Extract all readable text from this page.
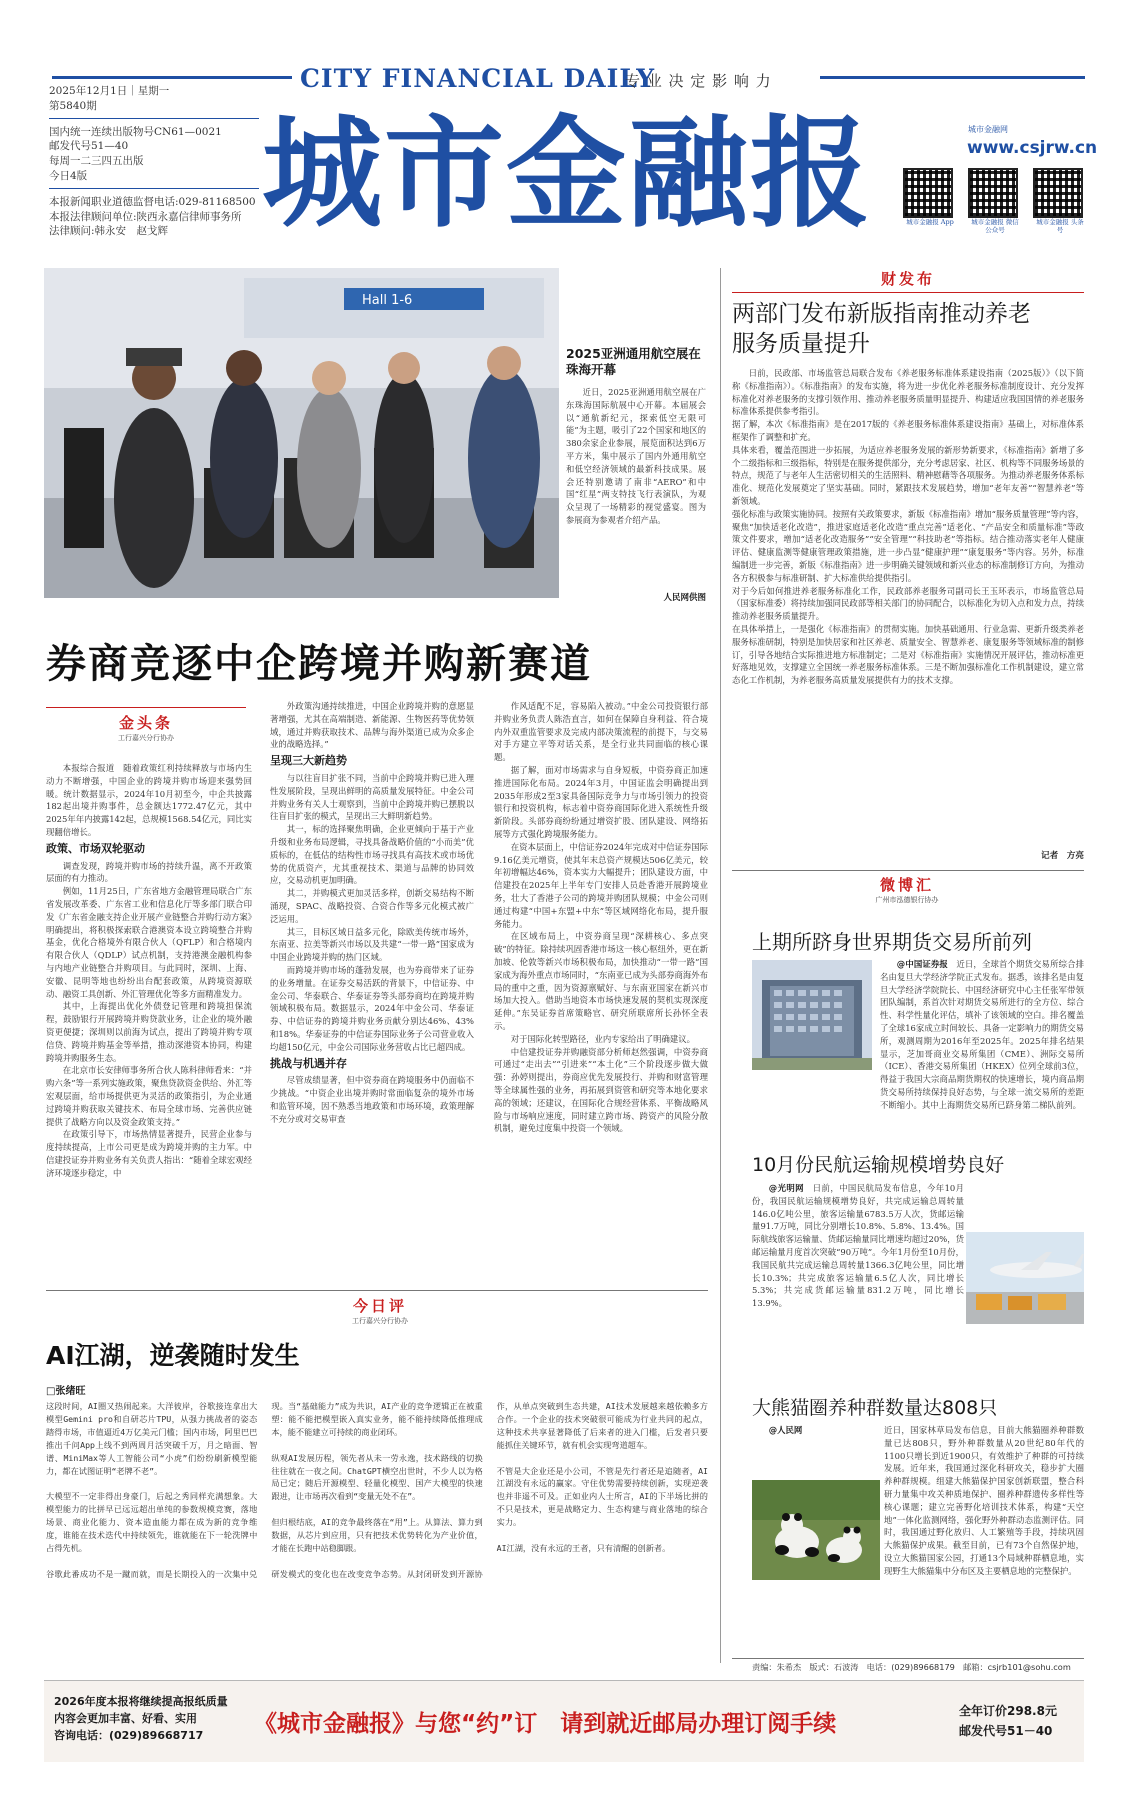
2025年12月1日｜星期一
第5840期
国内统一连续出版物号CN61—0021
邮发代号51—40
每周一二三四五出版
今日4版
本报新闻职业道德监督电话:029-81168500
本报法律顾问单位:陕西永嘉信律师事务所
法律顾问:韩永安　赵戈辉
CITY FINANCIAL DAILY
专 业 决 定 影 响 力
城市金融报	城市金融网
www.csjrw.cn
城市金融报 App	城市金融报 微信公众号
城市金融报 头条号
Hall 1-6
2025亚洲通用航空展在珠海开幕
近日，2025亚洲通用航空展在广东珠海国际航展中心开幕。本届展会以“通航新纪元，探索低空无限可能”为主题，吸引了22个国家和地区的380余家企业参展，展览面积达到6万平方米，集中展示了国内外通用航空和低空经济领域的最新科技成果。展会还特别邀请了南非“AERO”和中国“红星”两支特技飞行表演队，为观众呈现了一场精彩的视觉盛宴。图为参展商为参观者介绍产品。
人民网供图
券商竞逐中企跨境并购新赛道
金头条
工行嘉兴分行协办

本报综合报道　随着政策红利持续释放与市场内生动力不断增强，中国企业的跨境并购市场迎来强势回暖。统计数据显示，2024年10月初至今，中企共披露182起出境并购事件，总金额达1772.47亿元，其中2025年年内披露142起，总规模1568.54亿元，同比实现翻倍增长。

政策、市场双轮驱动

调查发现，跨境并购市场的持续升温，离不开政策层面的有力推动。

例如，11月25日，广东省地方金融管理局联合广东省发展改革委、广东省工业和信息化厅等多部门联合印发《广东省金融支持企业开展产业链整合并购行动方案》明确提出，将积极探索联合港澳资本设立跨境整合并购基金，优化合格境外有限合伙人（QFLP）和合格境内有限合伙人（QDLP）试点机制，支持港澳金融机构参与内地产业链整合并购项目。与此同时，深圳、上海、安徽、昆明等地也纷纷出台配套政策，从跨境资源联动、融资工具创新、外汇管理优化等多方面精准发力。

其中，上海提出优化外债登记管理和跨境担保流程，鼓励银行开展跨境并购贷款业务，让企业的境外融资更便捷；深圳则以前海为试点，提出了跨境并购专项信贷、跨境并购基金等举措，推动深港资本协同，构建跨境并购服务生态。

在北京市长安律师事务所合伙人陈科律师看来：“并购六条”等一系列实施政策，聚焦贷款资金供给、外汇等宏观层面，给市场提供更为灵活的政策指引，为企业通过跨境并购获取关键技术、布局全球市场、完善供应链提供了战略方向以及资金政策支持。”

在政策引导下，市场热情显著提升，民营企业参与度持续提高，上市公司更是成为跨境并购的主力军。中信建投证券并购业务有关负责人指出：“随着全球宏观经济环境逐步稳定，中

外政策沟通持续推进，中国企业跨境并购的意愿显著增强，尤其在高端制造、新能源、生物医药等优势领域，通过并购获取技术、品牌与海外渠道已成为众多企业的战略选择。”

呈现三大新趋势

与以往盲目扩张不同，当前中企跨境并购已进入理性发展阶段，呈现出鲜明的高质量发展特征。中金公司并购业务有关人士观察到，当前中企跨境并购已摆脱以往盲目扩张的模式，呈现出三大鲜明新趋势。

其一，标的选择聚焦明确，企业更倾向于基于产业升级和业务布局逻辑，寻找具备战略价值的“小而美”优质标的，在低估的结构性市场寻找具有高技术或市场优势的优质资产，尤其重视技术、渠道与品牌的协同效应，交易动机更加明确。

其二，并购模式更加灵活多样，创新交易结构不断涌现，SPAC、战略投资、合资合作等多元化模式被广泛运用。

其三，目标区域日益多元化，除欧美传统市场外，东南亚、拉美等新兴市场以及共建“一带一路”国家成为中国企业跨境并购的热门区域。

而跨境并购市场的蓬勃发展，也为券商带来了证券的业务增量。在证券交易活跃的背景下，中信证券、中金公司、华泰联合、华泰证券等头部券商均在跨境并购领域积极布局。数据显示，2024年中金公司、华泰证券、中信证券的跨境并购业务贡献分别达46%、43%和18%。华泰证券的中信证券国际业务子公司营业收入均超150亿元，中金公司国际业务营收占比已超四成。

挑战与机遇并存

尽管成绩显著，但中资券商在跨境服务中仍面临不少挑战。“中资企业出境并购时常面临复杂的境外市场和监管环境，因不熟悉当地政策和市场环境，政策理解不充分或对交易审查

作风适配不足，容易陷入被动。”中金公司投资银行部并购业务负责人陈浩直言，如何在保障自身利益、符合境内外双重监管要求及完成内部决策流程的前提下，与交易对手方建立平等对话关系，是全行业共同面临的核心课题。

据了解，面对市场需求与自身短板，中资券商正加速推进国际化布局。2024年3月，中国证监会明确提出到2035年形成2至3家具备国际竞争力与市场引领力的投资银行和投资机构，标志着中资券商国际化进入系统性升级新阶段。头部券商纷纷通过增资扩股、团队建设、网络拓展等方式强化跨境服务能力。

在资本层面上，中信证券2024年完成对中信证券国际9.16亿美元增资，使其年末总资产规模达506亿美元，较年初增幅达46%，资本实力大幅提升；团队建设方面，中信建投在2025年上半年专门安排人员赴香港开展跨境业务，壮大了香港子公司的跨境并购团队规模；中金公司则通过构建“中国+东盟+中东”等区域网络化布局，提升服务能力。

在区域布局上，中资券商呈现“深耕核心、多点突破”的特征。除持续巩固香港市场这一核心枢纽外，更在新加坡、伦敦等新兴市场积极布局，加快推动“一带一路”国家成为海外重点市场同时，“东南亚已成为头部券商海外布局的重中之重，因为资源禀赋好、与东南亚国家在新兴市场加大投入。借助当地资本市场快速发展的契机实现深度延伸。”东吴证券首席策略官、研究所联席所长孙怀全表示。

对于国际化转型路径，业内专家给出了明确建议。

中信建投证券并购融资部分析师赵然强调，中资券商可通过“走出去”“引进来”“本土化”三个阶段逐步做大做强：孙婷则提出，券商应优先发展投行、并购和财富管理等全球属性强的业务，再拓展到资管和研究等本地化要求高的领域；还建议，在国际化合规经营体系、平衡战略风险与市场响应速度，同时建立跨市场、跨资产的风险分散机制，避免过度集中投资一个领域。

今日评
工行嘉兴分行协办
AI江湖，逆袭随时发生
□张绪旺
这段时间，AI圈又热闹起来。大洋彼岸，谷歌接连拿出大模型Gemini pro和自研芯片TPU，从强力挑战者的姿态踏得市场，市值逼近4万亿美元门槛；国内市场，阿里巴巴推出千问App上线不到两周月活突破千万，月之暗面、智谱、MiniMax等人工智能公司“小虎”们纷纷刷新模型能力，都在试图证明“老牌不老”。

大模型不一定非得出身豪门，后起之秀同样充满想象。大模型能力的比拼早已远远超出单纯的参数规模竞赛，落地场景、商业化能力、资本造血能力都在成为新的竞争维度，谁能在技术迭代中持续领先，谁就能在下一轮洗牌中占得先机。

谷歌此番成功不是一蹴而就，而是长期投入的一次集中兑现。当“基础能力”成为共识，AI产业的竞争逻辑正在被重塑：能不能把模型嵌入真实业务，能不能持续降低推理成本，能不能建立可持续的商业闭环。

纵观AI发展历程，领先者从未一劳永逸，技术路线的切换往往就在一夜之间。ChatGPT横空出世时，不少人以为格局已定；随后开源模型、轻量化模型、国产大模型的快速跟进，让市场再次看到“变量无处不在”。

但归根结底，AI的竞争最终落在“用”上。从算法、算力到数据，从芯片到应用，只有把技术优势转化为产业价值，才能在长跑中站稳脚跟。

研发模式的变化也在改变竞争态势。从封闭研发到开源协作，从单点突破到生态共建，AI技术发展越来越依赖多方合作。一个企业的技术突破很可能成为行业共同的起点，这种技术共享显著降低了后来者的进入门槛，后发者只要能抓住关键环节，就有机会实现弯道超车。

不管是大企业还是小公司，不管是先行者还是追随者，AI江湖没有永远的赢家。守住优势需要持续创新，实现逆袭也并非遥不可及。正如业内人士所言，AI的下半场比拼的不只是技术，更是战略定力、生态构建与商业落地的综合实力。

AI江湖，没有永远的王者，只有清醒的创新者。
财发布
两部门发布新版指南推动养老服务质量提升
日前，民政部、市场监管总局联合发布《养老服务标准体系建设指南（2025版）》（以下简称《标准指南》）。《标准指南》的发布实施，将为进一步优化养老服务标准制度设计、充分发挥标准化对养老服务的支撑引领作用、推动养老服务质量明显提升、构建适应我国国情的养老服务标准体系提供参考指引。
据了解，本次《标准指南》是在2017版的《养老服务标准体系建设指南》基础上，对标准体系框架作了调整和扩充。
具体来看，覆盖范围进一步拓展，为适应养老服务发展的新形势新要求，《标准指南》新增了多个二级指标和三级指标，特别是在服务提供部分，充分考虑居家、社区、机构等不同服务场景的特点，规范了与老年人生活密切相关的生活照料、精神慰藉等各项服务。为推动养老服务体系标准化、规范化发展奠定了坚实基础。同时，紧跟技术发展趋势，增加“老年友善”“智慧养老”等新领域。
强化标准与政策实施协同。按照有关政策要求，新版《标准指南》增加“服务质量管理”等内容，聚焦“加快适老化改造”，推进家庭适老化改造“重点完善”适老化、“产品安全和质量标准”等政策文件要求，增加“适老化改造服务”“安全管理”“科技助老”等指标。结合推动落实老年人健康评估、健康监测等健康管理政策措施，进一步凸显“健康护理”“康复服务”等内容。另外，标准编制进一步完善，新版《标准指南》进一步明确关键领域和新兴业态的标准制修订方向，为推动各方积极参与标准研制、扩大标准供给提供指引。
对于今后如何推进养老服务标准化工作，民政部养老服务司副司长王玉环表示，市场监管总局（国家标准委）将持续加强同民政部等相关部门的协同配合，以标准化为切入点和发力点，持续推动养老服务质量提升。
在具体举措上，一是强化《标准指南》的贯彻实施。加快基础通用、行业急需、更新升级类养老服务标准研制，特别是加快居家和社区养老、质量安全、智慧养老、康复服务等领域标准的制修订，引导各地结合实际推进地方标准制定；二是对《标准指南》实施情况开展评估，推动标准更好落地见效，支撑建立全国统一养老服务标准体系。三是不断加强标准化工作机制建设，建立常态化工作机制，为养老服务高质量发展提供有力的技术支撑。
记者　方亮
微博汇
广州市泓德银行协办
上期所跻身世界期货交易所前列

@中国证券报　 近日，全球首个期货交易所综合排名由复旦大学经济学院正式发布。据悉，该排名是由复旦大学经济学院院长、中国经济研究中心主任张军带领团队编制，系首次针对期货交易所进行的全方位、综合性、科学性量化评估，填补了该领域的空白。排名覆盖了全球16家成立时间较长、具备一定影响力的期货交易所，观测周期为2016年至2025年。2025年排名结果显示，芝加哥商业交易所集团（CME）、洲际交易所（ICE）、香港交易所集团（HKEX）位列全球前3位，得益于我国大宗商品期货期权的快速增长，境内商品期货交易所持续保持良好态势，与全球一流交易所的差距不断缩小。其中上海期货交易所已跻身第二梯队前列。

10月份民航运输规模增势良好

@光明网　 日前，中国民航局发布信息，今年10月份，我国民航运输规模增势良好，共完成运输总周转量146.0亿吨公里，旅客运输量6783.5万人次，货邮运输量91.7万吨，同比分别增长10.8%、5.8%、13.4%。国际航线旅客运输量、货邮运输量同比增速均超过20%，货邮运输量月度首次突破“90万吨”。今年1月份至10月份，我国民航共完成运输总周转量1366.3亿吨公里，同比增长10.3%；共完成旅客运输量6.5亿人次，同比增长5.3%；共完成货邮运输量831.2万吨，同比增长13.9%。

大熊猫圈养种群数量达808只

@人民网	近日，国家林草局发布信息，目前大熊猫圈养种群数量已达808只，野外种群数量从20世纪80年代的1100只增长到近1900只，有效维护了种群的可持续发展。近年来，我国通过深化科研攻关，稳步扩大圈养种群规模。组建大熊猫保护国家创新联盟，整合科研力量集中攻关种质地保护、圈养种群遗传多样性等核心课题；建立完善野化培训技术体系，构建“天空地”一体化监测网络，强化野外种群动态监测评估。同时，我国通过野化放归、人工繁殖等手段，持续巩固大熊猫保护成果。截至目前，已有73个自然保护地，设立大熊猫国家公园，打通13个局域种群栖息地，实现野生大熊猫集中分布区及主要栖息地的完整保护。
责编：朱希杰　版式：石波涛　电话：(029)89668179　邮箱：csjrb101@sohu.com
2026年度本报将继续提高报纸质量
内容会更加丰富、好看、实用
咨询电话：(029)89668717	《城市金融报》与您“约”订　请到就近邮局办理订阅手续	全年订价298.8元
邮发代号51－40
